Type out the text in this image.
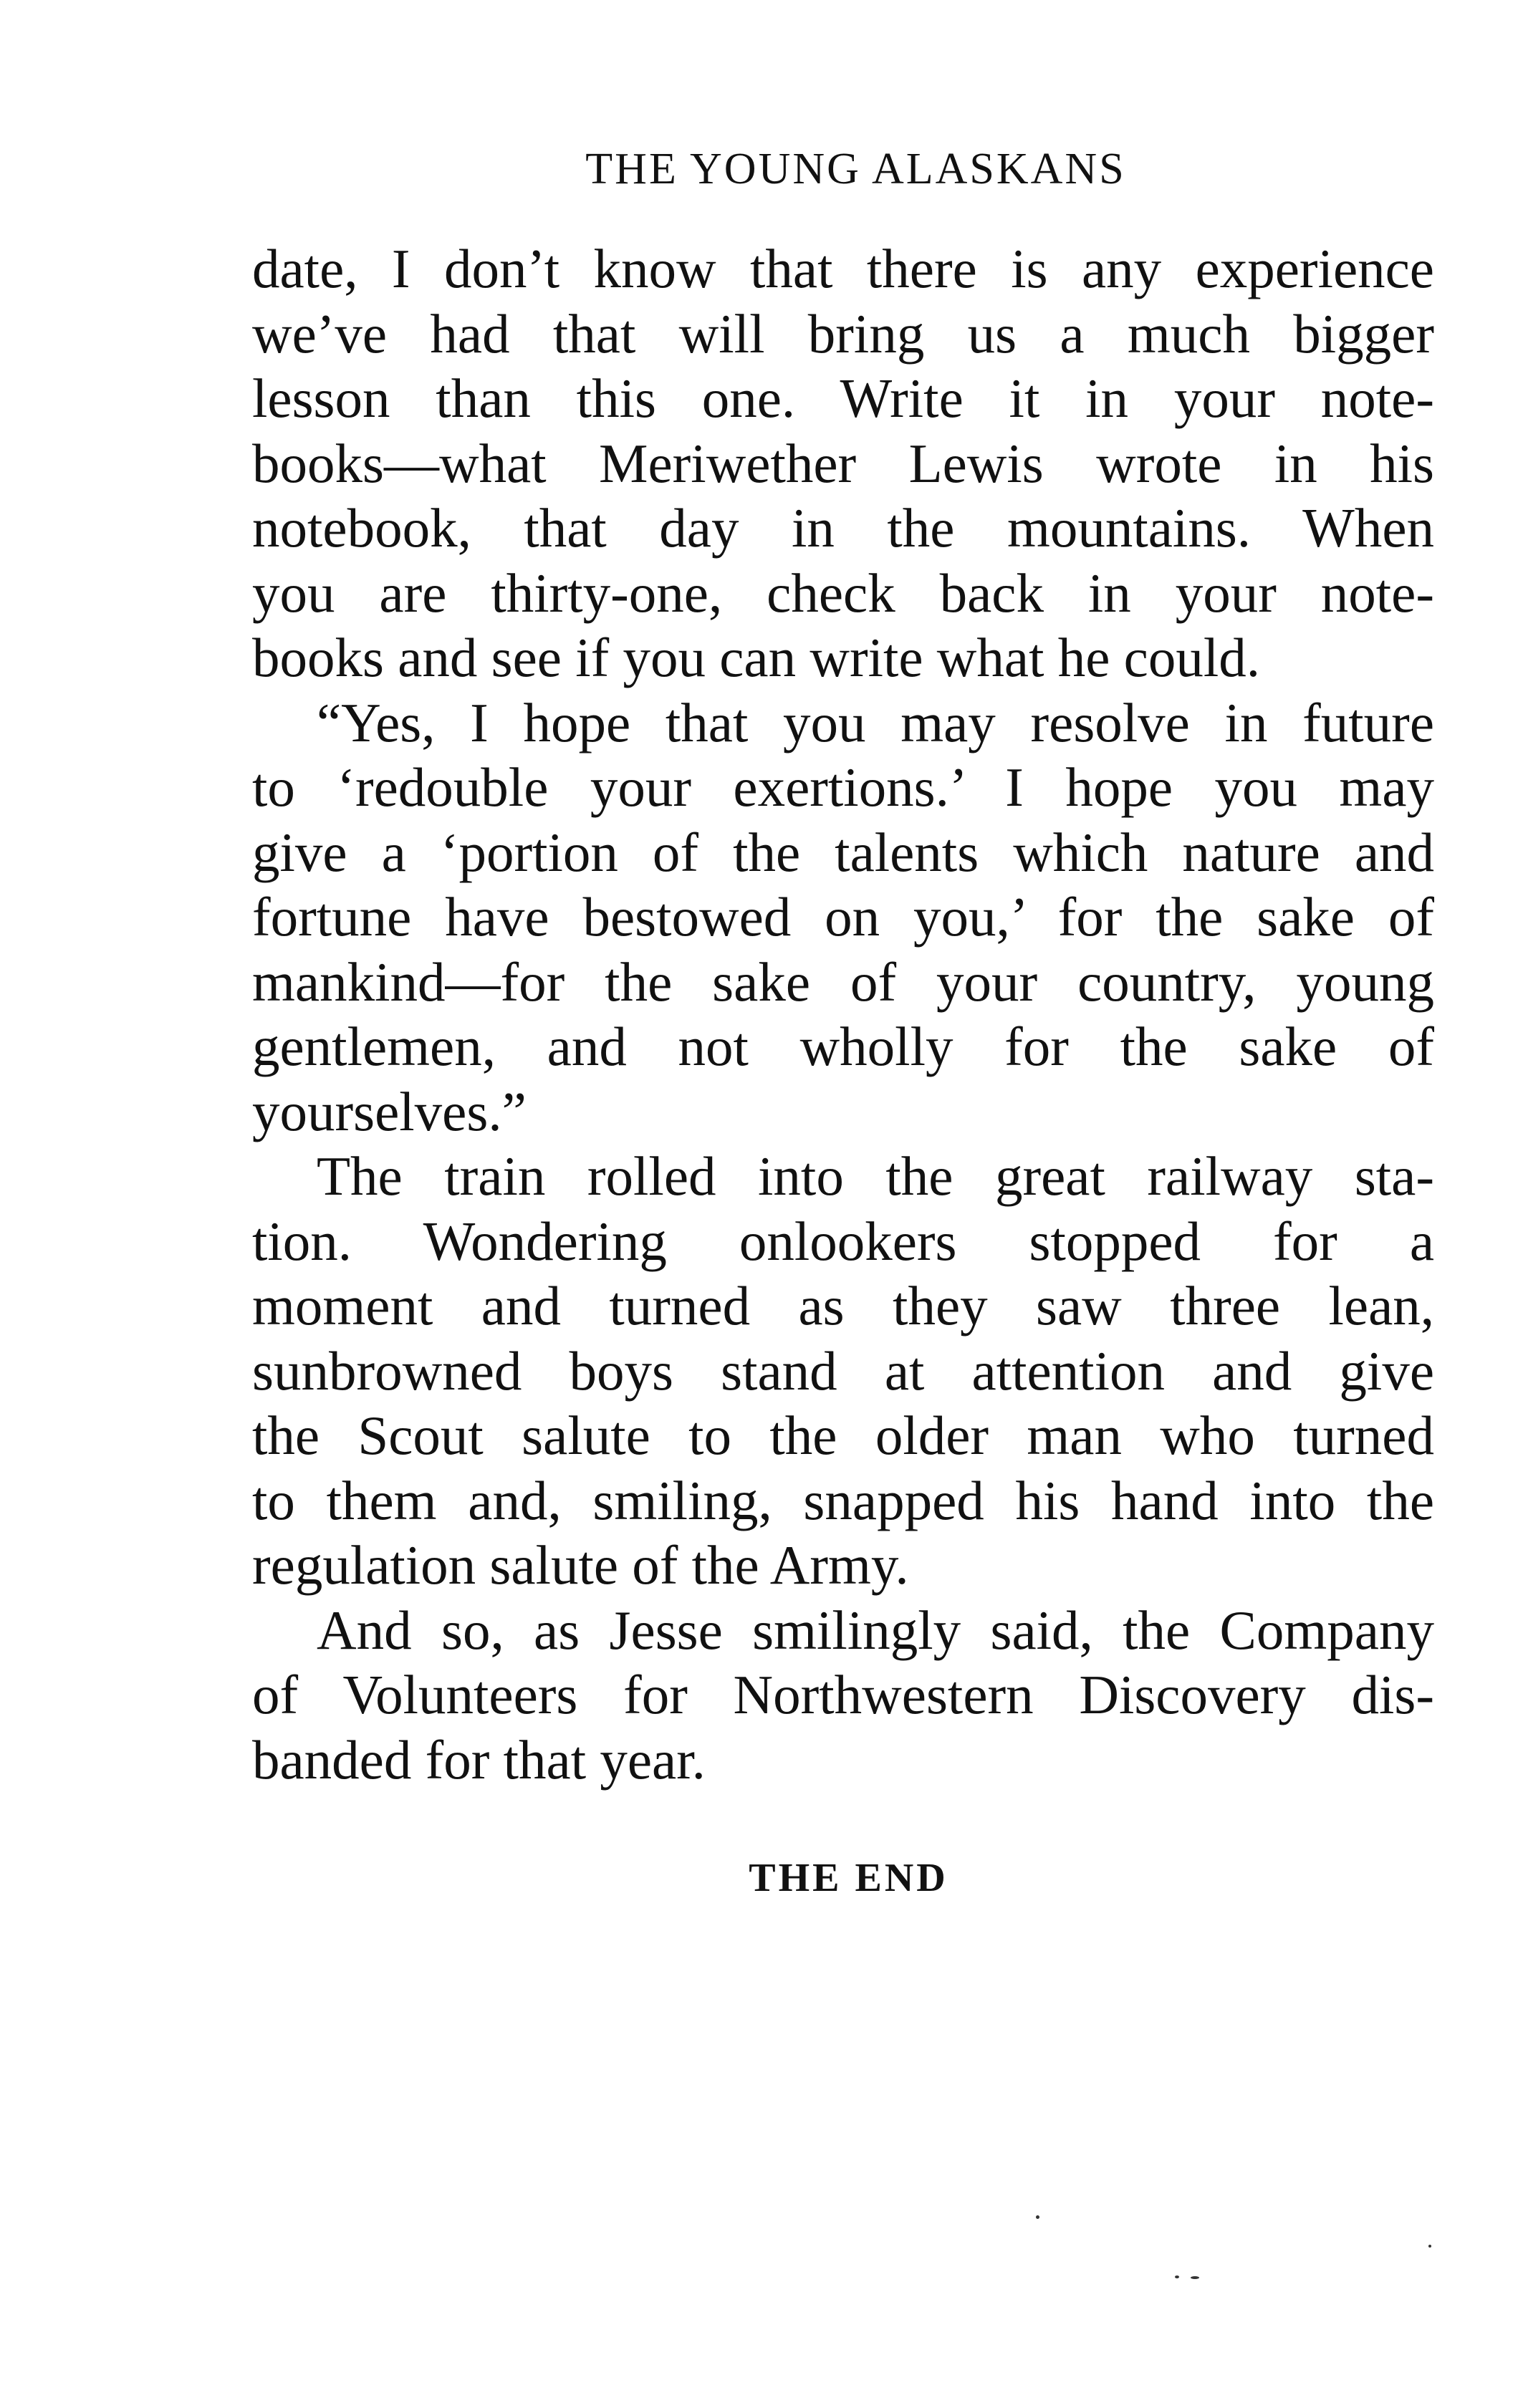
THE YOUNG ALASKANS
date, I don’t know that there is any experience
we’ve had that will bring us a much bigger
lesson than this one. Write it in your note-
books—what Meriwether Lewis wrote in his
notebook, that day in the mountains. When
you are thirty-one, check back in your note-
books and see if you can write what he could.
“Yes, I hope that you may resolve in future
to ‘redouble your exertions.’ I hope you may
give a ‘portion of the talents which nature and
fortune have bestowed on you,’ for the sake of
mankind—for the sake of your country, young
gentlemen, and not wholly for the sake of
yourselves.”
The train rolled into the great railway sta-
tion. Wondering onlookers stopped for a
moment and turned as they saw three lean,
sunbrowned boys stand at attention and give
the Scout salute to the older man who turned
to them and, smiling, snapped his hand into the
regulation salute of the Army.
And so, as Jesse smilingly said, the Company
of Volunteers for Northwestern Discovery dis-
banded for that year.
THE END
